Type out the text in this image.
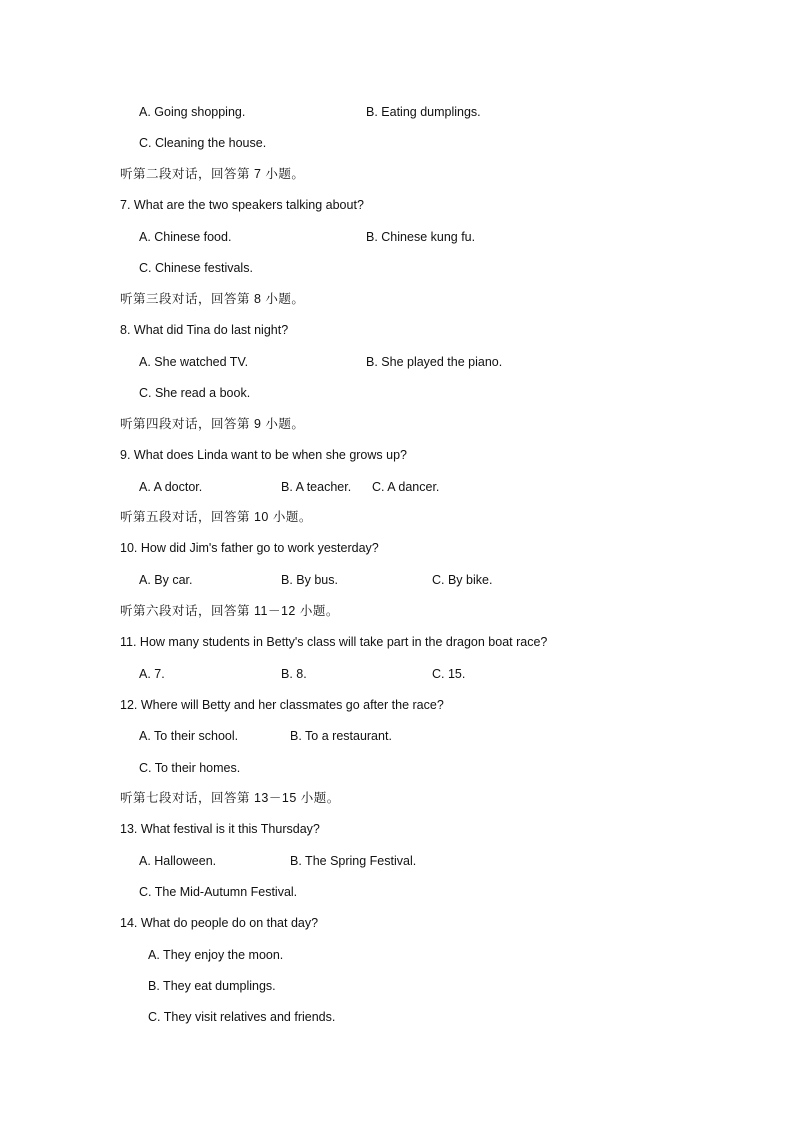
A. Going shopping.	B. Eating dumplings.
C. Cleaning the house.
听第二段对话，回答第 7 小题。
7. What are the two speakers talking about?
A. Chinese food.	B. Chinese kung fu.
C. Chinese festivals.
听第三段对话，回答第 8 小题。
8. What did Tina do last night?
A. She watched TV.	B. She played the piano.
C. She read a book.
听第四段对话，回答第 9 小题。
9. What does Linda want to be when she grows up?
A. A doctor.	B. A teacher. C. A dancer.
听第五段对话，回答第 10 小题。
10. How did Jim's father go to work yesterday?
A. By car.	B. By bus.	C. By bike.
听第六段对话，回答第 11－12 小题。
11. How many students in Betty's class will take part in the dragon boat race?
A. 7.	B. 8.	C. 15.
12. Where will Betty and her classmates go after the race?
A. To their school.	B. To a restaurant.
C. To their homes.
听第七段对话，回答第 13－15 小题。
13. What festival is it this Thursday?
A. Halloween.	B. The Spring Festival.
C. The Mid-Autumn Festival.
14. What do people do on that day?
A. They enjoy the moon.
B. They eat dumplings.
C. They visit relatives and friends.
